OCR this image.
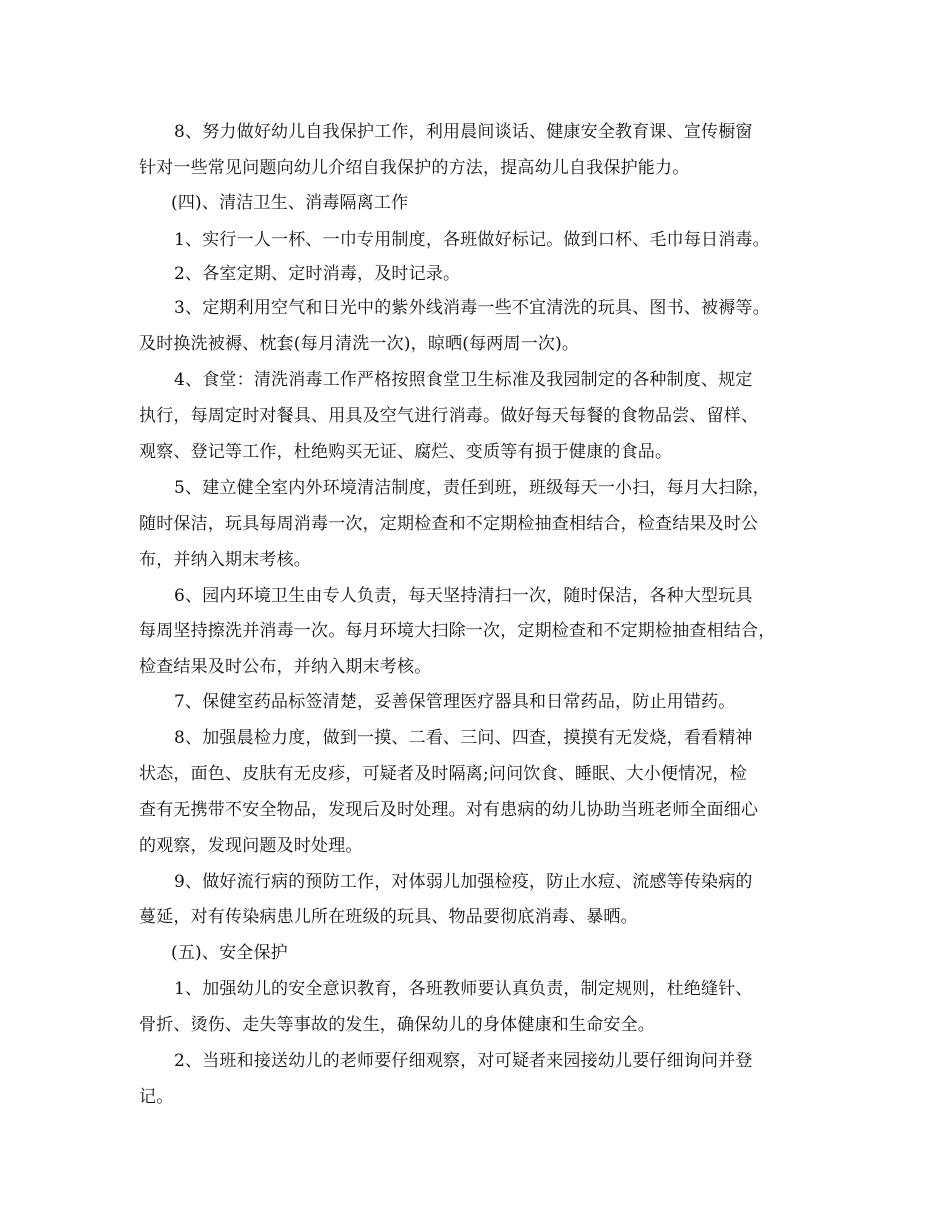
8、努力做好幼儿自我保护工作，利用晨间谈话、健康安全教育课、宣传橱窗
针对一些常见问题向幼儿介绍自我保护的方法，提高幼儿自我保护能力。
(四)、清洁卫生、消毒隔离工作
1、实行一人一杯、一巾专用制度，各班做好标记。做到口杯、毛巾每日消毒。
2、各室定期、定时消毒，及时记录。
3、定期利用空气和日光中的紫外线消毒一些不宜清洗的玩具、图书、被褥等。
及时换洗被褥、枕套(每月清洗一次)，晾晒(每两周一次)。
4、食堂：清洗消毒工作严格按照食堂卫生标准及我园制定的各种制度、规定
执行，每周定时对餐具、用具及空气进行消毒。做好每天每餐的食物品尝、留样、
观察、登记等工作，杜绝购买无证、腐烂、变质等有损于健康的食品。
5、建立健全室内外环境清洁制度，责任到班，班级每天一小扫，每月大扫除，
随时保洁，玩具每周消毒一次，定期检查和不定期检抽查相结合，检查结果及时公
布，并纳入期末考核。
6、园内环境卫生由专人负责，每天坚持清扫一次，随时保洁，各种大型玩具
每周坚持擦洗并消毒一次。每月环境大扫除一次，定期检查和不定期检抽查相结合，
检查结果及时公布，并纳入期末考核。
7、保健室药品标签清楚，妥善保管理医疗器具和日常药品，防止用错药。
8、加强晨检力度，做到一摸、二看、三问、四查，摸摸有无发烧，看看精神
状态，面色、皮肤有无皮疹，可疑者及时隔离;问问饮食、睡眠、大小便情况，检
查有无携带不安全物品，发现后及时处理。对有患病的幼儿协助当班老师全面细心
的观察，发现问题及时处理。
9、做好流行病的预防工作，对体弱儿加强检疫，防止水痘、流感等传染病的
蔓延，对有传染病患儿所在班级的玩具、物品要彻底消毒、暴晒。
(五)、安全保护
1、加强幼儿的安全意识教育，各班教师要认真负责，制定规则，杜绝缝针、
骨折、烫伤、走失等事故的发生，确保幼儿的身体健康和生命安全。
2、当班和接送幼儿的老师要仔细观察，对可疑者来园接幼儿要仔细询问并登
记。
